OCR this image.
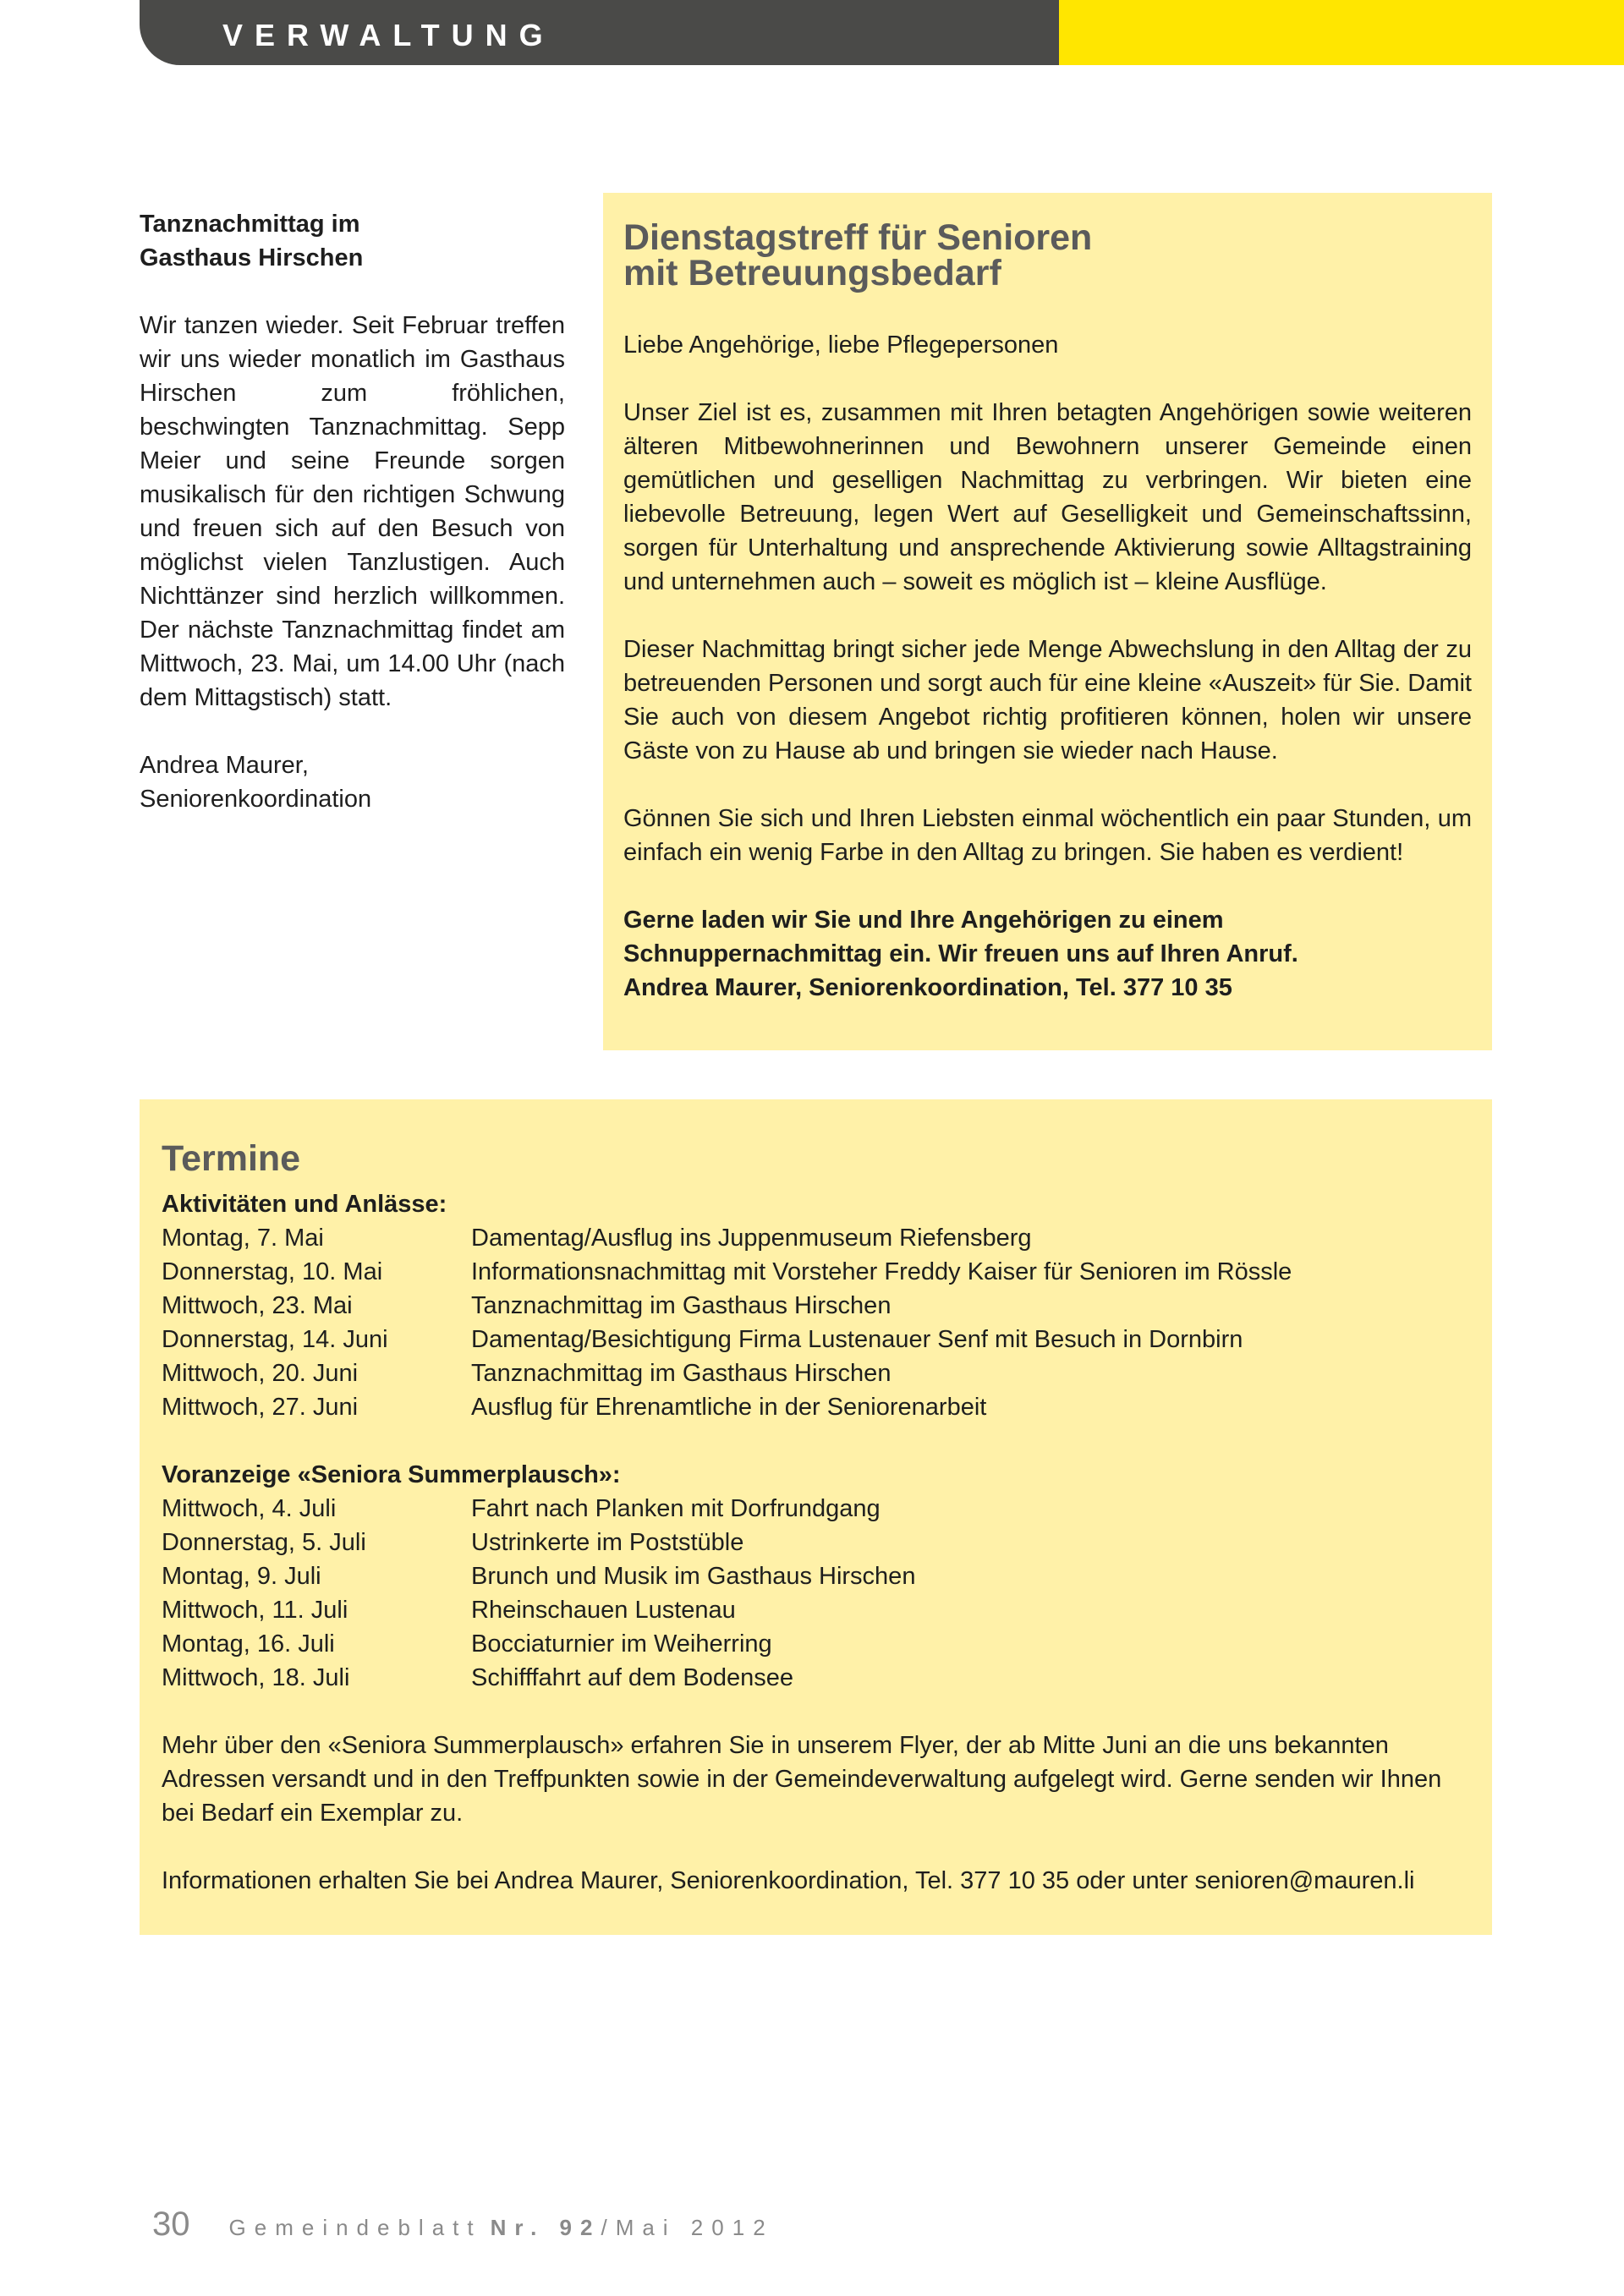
VERWALTUNG
Tanznachmittag im
Gasthaus Hirschen

Wir tanzen wieder. Seit Februar treffen wir uns wieder monatlich im Gasthaus Hirschen zum fröhlichen, beschwingten Tanznachmittag. Sepp Meier und seine Freunde sorgen musikalisch für den richtigen Schwung und freuen sich auf den Besuch von möglichst vielen Tanzlustigen. Auch Nichttänzer sind herzlich willkommen. Der nächste Tanznachmittag findet am Mittwoch, 23. Mai, um 14.00 Uhr (nach dem Mittagstisch) statt.

Andrea Maurer,
Seniorenkoordination

Dienstagstreff für Senioren
mit Betreuungsbedarf

Liebe Angehörige, liebe Pflegepersonen

Unser Ziel ist es, zusammen mit Ihren betagten Angehörigen sowie weiteren älteren Mitbewohnerinnen und Bewohnern unserer Gemeinde einen gemütlichen und geselligen Nachmittag zu verbringen. Wir bieten eine liebevolle Betreuung, legen Wert auf Geselligkeit und Gemeinschaftssinn, sorgen für Unterhaltung und ansprechende Aktivierung sowie Alltagstraining und unternehmen auch – soweit es möglich ist – kleine Ausflüge.

Dieser Nachmittag bringt sicher jede Menge Abwechslung in den Alltag der zu betreuenden Personen und sorgt auch für eine kleine «Auszeit» für Sie. Damit Sie auch von diesem Angebot richtig profitieren können, holen wir unsere Gäste von zu Hause ab und bringen sie wieder nach Hause.

Gönnen Sie sich und Ihren Liebsten einmal wöchentlich ein paar Stunden, um einfach ein wenig Farbe in den Alltag zu bringen. Sie haben es verdient!

Gerne laden wir Sie und Ihre Angehörigen zu einem Schnuppernachmittag ein. Wir freuen uns auf Ihren Anruf.
Andrea Maurer, Seniorenkoordination, Tel. 377 10 35

Termine
Aktivitäten und Anlässe:
Montag, 7. Mai	Damentag/Ausflug ins Juppenmuseum Riefensberg
Donnerstag, 10. Mai	Informationsnachmittag mit Vorsteher Freddy Kaiser für Senioren im Rössle
Mittwoch, 23. Mai	Tanznachmittag im Gasthaus Hirschen
Donnerstag, 14. Juni	Damentag/Besichtigung Firma Lustenauer Senf mit Besuch in Dornbirn
Mittwoch, 20. Juni	Tanznachmittag im Gasthaus Hirschen
Mittwoch, 27. Juni	Ausflug für Ehrenamtliche in der Seniorenarbeit
Voranzeige «Seniora Summerplausch»:
Mittwoch, 4. Juli	Fahrt nach Planken mit Dorfrundgang
Donnerstag, 5. Juli	Ustrinkerte im Poststüble
Montag, 9. Juli	Brunch und Musik im Gasthaus Hirschen
Mittwoch, 11. Juli	Rheinschauen Lustenau
Montag, 16. Juli	Bocciaturnier im Weiherring
Mittwoch, 18. Juli	Schifffahrt auf dem Bodensee
Mehr über den «Seniora Summerplausch» erfahren Sie in unserem Flyer, der ab Mitte Juni an die uns bekannten Adressen versandt und in den Treffpunkten sowie in der Gemeindeverwaltung aufgelegt wird. Gerne senden wir Ihnen bei Bedarf ein Exemplar zu.
Informationen erhalten Sie bei Andrea Maurer, Seniorenkoordination, Tel. 377 10 35 oder unter senioren@mauren.li
30 Gemeindeblatt Nr. 92/Mai 2012
